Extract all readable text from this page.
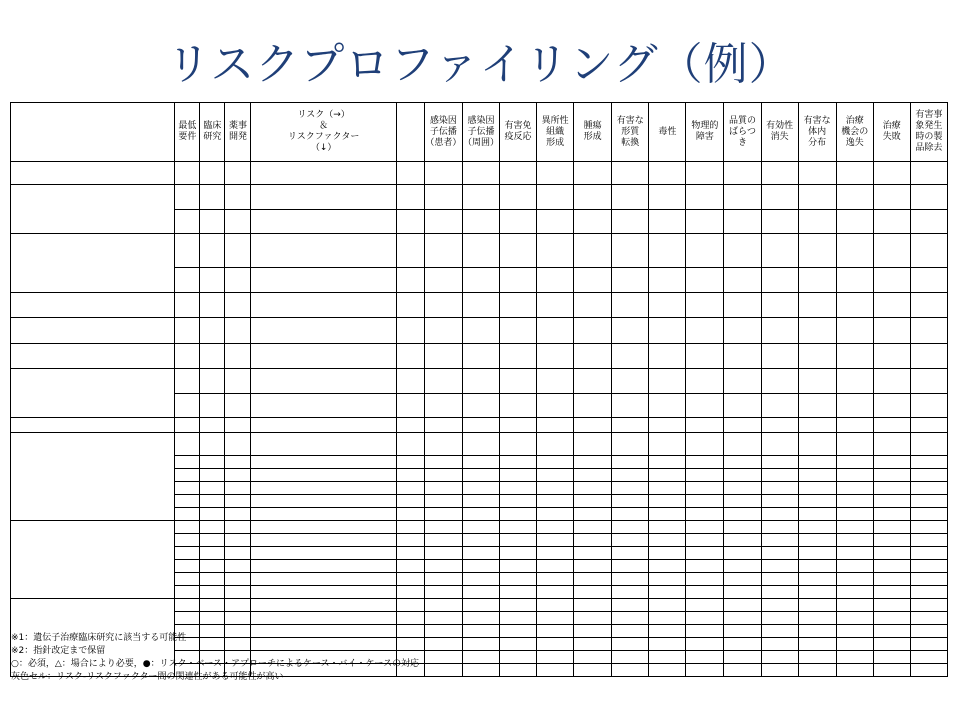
リスクプロファイリング（例）
	最低
要件	臨床
研究	薬事
開発	リスク（→）
＆
リスクファクター
（↓）		感染因
子伝播
（患者）	感染因
子伝播
（周囲）	有害免
疫反応	異所性
組織
形成	腫瘍
形成	有害な
形質
転換	毒性	物理的
障害	品質の
ばらつ
き	有効性
消失	有害な
体内
分布	治療
機会の
逸失	治療
失敗	有害事
象発生
時の製
品除去

※1：遺伝子治療臨床研究に該当する可能性
※2：指針改定まで保留
○：必須，△：場合により必要，●：リスク・ベース・アプローチによるケース・バイ・ケースの対応
灰色セル：リスク-リスクファクター間の関連性がある可能性が高い
